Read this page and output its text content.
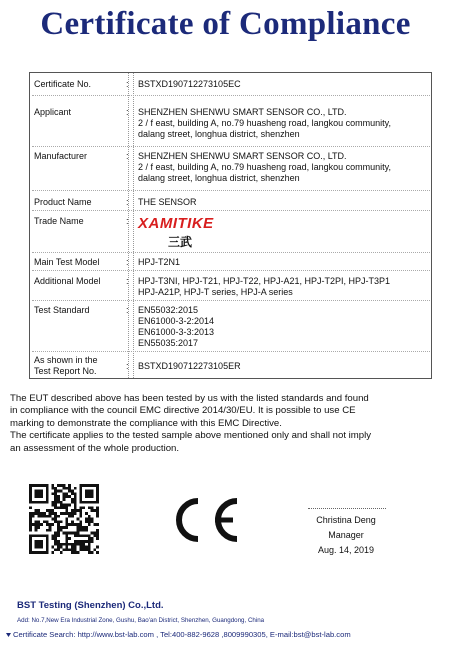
Certificate of Compliance
Certificate No.	: BSTXD190712273105EC
Applicant	: SHENZHEN SHENWU SMART SENSOR CO., LTD.
2 / f east, building A, no.79 huasheng road, langkou community,
dalang street, longhua district, shenzhen
Manufacturer	: SHENZHEN SHENWU SMART SENSOR CO., LTD.
2 / f east, building A, no.79 huasheng road, langkou community,
dalang street, longhua district, shenzhen
Product Name	: THE SENSOR
Trade Name	: XAMITIKE
三武
Main Test Model	: HPJ-T2N1
Additional Model	: HPJ-T3NI, HPJ-T21, HPJ-T22, HPJ-A21, HPJ-T2PI, HPJ-T3P1
HPJ-A21P, HPJ-T series, HPJ-A series
Test Standard	: EN55032:2015
EN61000-3-2:2014
EN61000-3-3:2013
EN55035:2017
As shown in the
Test Report No.	: BSTXD190712273105ER
The EUT described above has been tested by us with the listed standards and found
in compliance with the council EMC directive 2014/30/EU. It is possible to use CE
marking to demonstrate the compliance with this EMC Directive.
The certificate applies to the tested sample above mentioned only and shall not imply
an assessment of the whole production.
Christina Deng
Manager
Aug. 14, 2019
BST Testing (Shenzhen) Co.,Ltd.
Add: No.7,New Era Industrial Zone, Gushu, Bao'an District, Shenzhen, Guangdong, China
Certificate Search: http://www.bst-lab.com , Tel:400-882-9628 ,8009990305, E-mail:bst@bst-lab.com
